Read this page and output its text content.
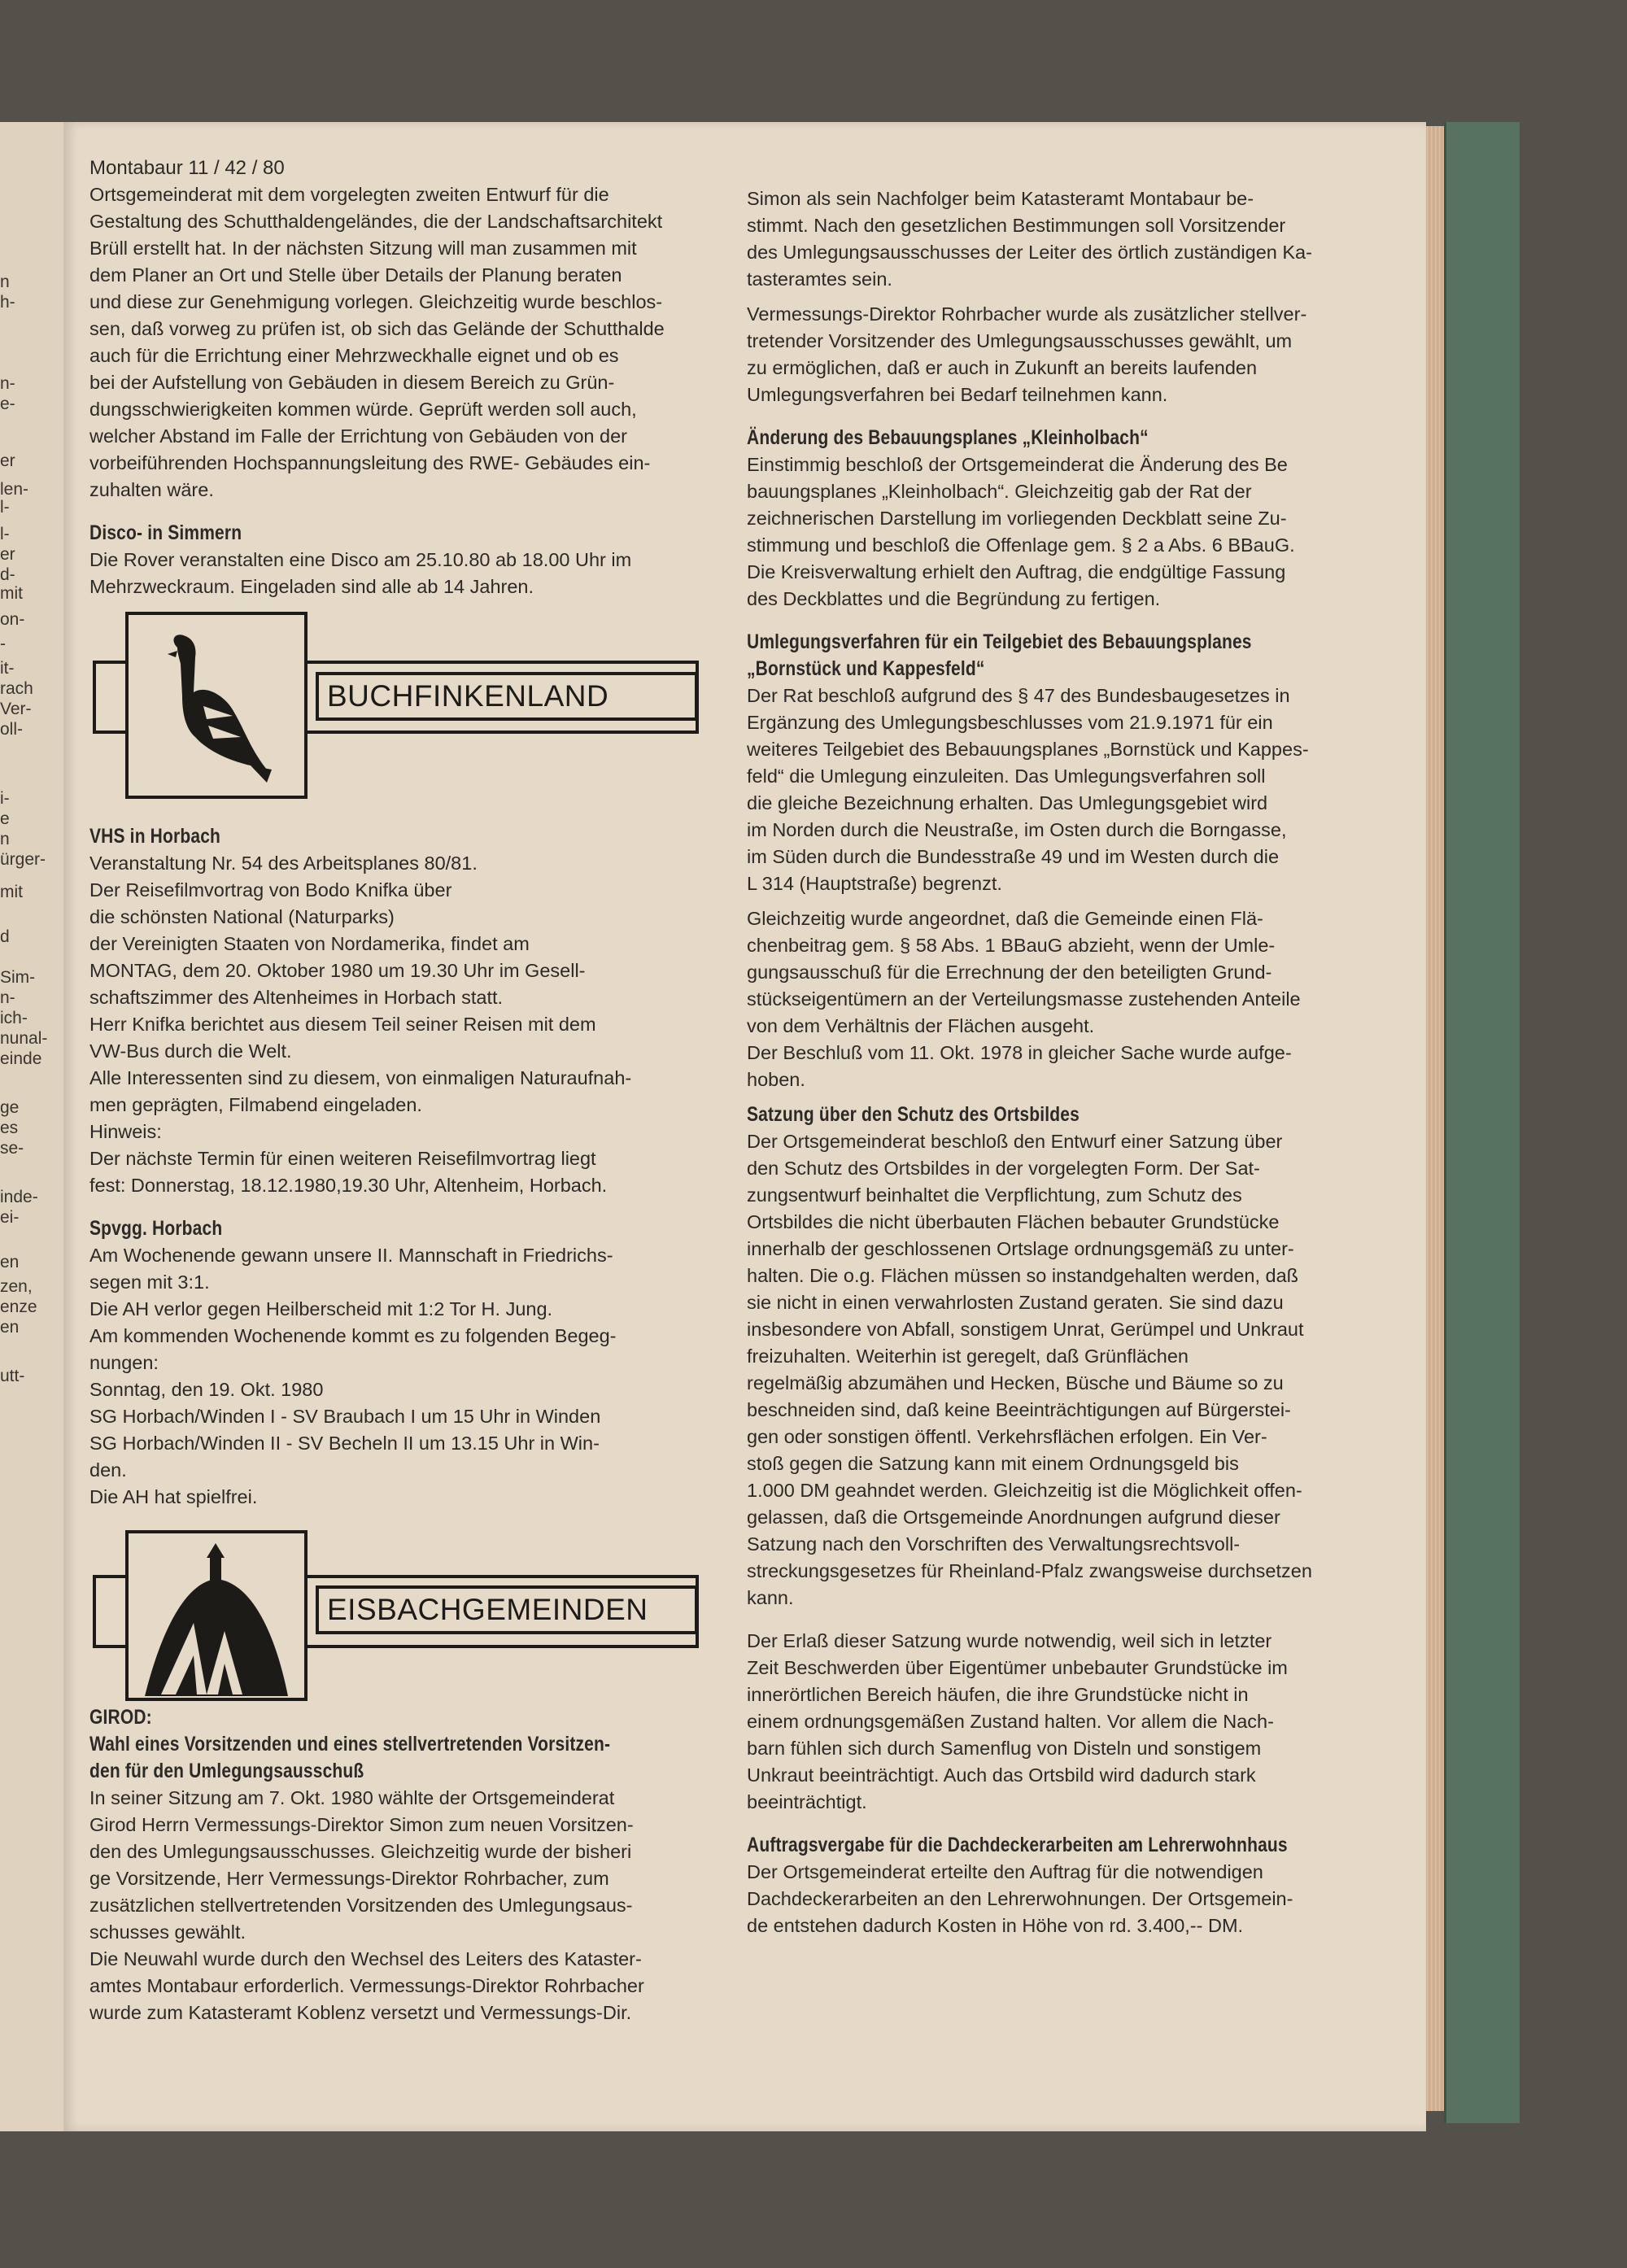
n
h-
n-
e-
er
len-
l-
l-
er
d-
mit
on-
-
it-
rach
Ver-
oll-
i-
e
n
ürger-
mit
d
Sim-
n-
ich-
nunal-
einde
ge
es
se-
inde-
ei-
en
zen,
enze
en
utt-

Montabaur 11 / 42 / 80

Ortsgemeinderat mit dem vorgelegten zweiten Entwurf für die

Gestaltung des Schutthaldengeländes, die der Landschaftsarchitekt

Brüll erstellt hat. In der nächsten Sitzung will man zusammen mit

dem Planer an Ort und Stelle über Details der Planung beraten

und diese zur Genehmigung vorlegen. Gleichzeitig wurde beschlos-

sen, daß vorweg zu prüfen ist, ob sich das Gelände der Schutthalde

auch für die Errichtung einer Mehrzweckhalle eignet und ob es

bei der Aufstellung von Gebäuden in diesem Bereich zu Grün-

dungsschwierigkeiten kommen würde. Geprüft werden soll auch,

welcher Abstand im Falle der Errichtung von Gebäuden von der

vorbeiführenden Hochspannungsleitung des RWE- Gebäudes ein-

zuhalten wäre.

Disco- in Simmern

Die Rover veranstalten eine Disco am 25.10.80 ab 18.00 Uhr im

Mehrzweckraum. Eingeladen sind alle ab 14 Jahren.

BUCHFINKENLAND

VHS in Horbach

Veranstaltung Nr. 54 des Arbeitsplanes 80/81.

Der Reisefilmvortrag von Bodo Knifka über

die schönsten National (Naturparks)

der Vereinigten Staaten von Nordamerika, findet am

MONTAG, dem 20. Oktober 1980 um 19.30 Uhr im Gesell-

schaftszimmer des Altenheimes in Horbach statt.

Herr Knifka berichtet aus diesem Teil seiner Reisen mit dem

VW-Bus durch die Welt.

Alle Interessenten sind zu diesem, von einmaligen Naturaufnah-

men geprägten, Filmabend eingeladen.

Hinweis:

Der nächste Termin für einen weiteren Reisefilmvortrag liegt

fest: Donnerstag, 18.12.1980,19.30 Uhr, Altenheim, Horbach.

Spvgg. Horbach

Am Wochenende gewann unsere II. Mannschaft in Friedrichs-

segen mit 3:1.

Die AH verlor gegen Heilberscheid mit 1:2 Tor H. Jung.

Am kommenden Wochenende kommt es zu folgenden Begeg-

nungen:

Sonntag, den 19. Okt. 1980

SG Horbach/Winden I - SV Braubach I um 15 Uhr in Winden

SG Horbach/Winden II - SV Becheln II um 13.15 Uhr in Win-

den.

Die AH hat spielfrei.

EISBACHGEMEINDEN

GIROD:

Wahl eines Vorsitzenden und eines stellvertretenden Vorsitzen-

den für den Umlegungsausschuß

In seiner Sitzung am 7. Okt. 1980 wählte der Ortsgemeinderat

Girod Herrn Vermessungs-Direktor Simon zum neuen Vorsitzen-

den des Umlegungsausschusses. Gleichzeitig wurde der bisheri

ge Vorsitzende, Herr Vermessungs-Direktor Rohrbacher, zum

zusätzlichen stellvertretenden Vorsitzenden des Umlegungsaus-

schusses gewählt.

Die Neuwahl wurde durch den Wechsel des Leiters des Kataster-

amtes Montabaur erforderlich. Vermessungs-Direktor Rohrbacher

wurde zum Katasteramt Koblenz versetzt und Vermessungs-Dir.

Simon als sein Nachfolger beim Katasteramt Montabaur be-

stimmt. Nach den gesetzlichen Bestimmungen soll Vorsitzender

des Umlegungsausschusses der Leiter des örtlich zuständigen Ka-

tasteramtes sein.

Vermessungs-Direktor Rohrbacher wurde als zusätzlicher stellver-

tretender Vorsitzender des Umlegungsausschusses gewählt, um

zu ermöglichen, daß er auch in Zukunft an bereits laufenden

Umlegungsverfahren bei Bedarf teilnehmen kann.

Änderung des Bebauungsplanes „Kleinholbach“

Einstimmig beschloß der Ortsgemeinderat die Änderung des Be

bauungsplanes „Kleinholbach“. Gleichzeitig gab der Rat der

zeichnerischen Darstellung im vorliegenden Deckblatt seine Zu-

stimmung und beschloß die Offenlage gem. § 2 a Abs. 6 BBauG.

Die Kreisverwaltung erhielt den Auftrag, die endgültige Fassung

des Deckblattes und die Begründung zu fertigen.

Umlegungsverfahren für ein Teilgebiet des Bebauungsplanes

„Bornstück und Kappesfeld“

Der Rat beschloß aufgrund des § 47 des Bundesbaugesetzes in

Ergänzung des Umlegungsbeschlusses vom 21.9.1971 für ein

weiteres Teilgebiet des Bebauungsplanes „Bornstück und Kappes-

feld“ die Umlegung einzuleiten. Das Umlegungsverfahren soll

die gleiche Bezeichnung erhalten. Das Umlegungsgebiet wird

im Norden durch die Neustraße, im Osten durch die Borngasse,

im Süden durch die Bundesstraße 49 und im Westen durch die

L 314 (Hauptstraße) begrenzt.

Gleichzeitig wurde angeordnet, daß die Gemeinde einen Flä-

chenbeitrag gem. § 58 Abs. 1 BBauG abzieht, wenn der Umle-

gungsausschuß für die Errechnung der den beteiligten Grund-

stückseigentümern an der Verteilungsmasse zustehenden Anteile

von dem Verhältnis der Flächen ausgeht.

Der Beschluß vom 11. Okt. 1978 in gleicher Sache wurde aufge-

hoben.

Satzung über den Schutz des Ortsbildes

Der Ortsgemeinderat beschloß den Entwurf einer Satzung über

den Schutz des Ortsbildes in der vorgelegten Form. Der Sat-

zungsentwurf beinhaltet die Verpflichtung, zum Schutz des

Ortsbildes die nicht überbauten Flächen bebauter Grundstücke

innerhalb der geschlossenen Ortslage ordnungsgemäß zu unter-

halten. Die o.g. Flächen müssen so instandgehalten werden, daß

sie nicht in einen verwahrlosten Zustand geraten. Sie sind dazu

insbesondere von Abfall, sonstigem Unrat, Gerümpel und Unkraut

freizuhalten. Weiterhin ist geregelt, daß Grünflächen

regelmäßig abzumähen und Hecken, Büsche und Bäume so zu

beschneiden sind, daß keine Beeinträchtigungen auf Bürgerstei-

gen oder sonstigen öffentl. Verkehrsflächen erfolgen. Ein Ver-

stoß gegen die Satzung kann mit einem Ordnungsgeld bis

1.000 DM geahndet werden. Gleichzeitig ist die Möglichkeit offen-

gelassen, daß die Ortsgemeinde Anordnungen aufgrund dieser

Satzung nach den Vorschriften des Verwaltungsrechtsvoll-

streckungsgesetzes für Rheinland-Pfalz zwangsweise durchsetzen

kann.

Der Erlaß dieser Satzung wurde notwendig, weil sich in letzter

Zeit Beschwerden über Eigentümer unbebauter Grundstücke im

innerörtlichen Bereich häufen, die ihre Grundstücke nicht in

einem ordnungsgemäßen Zustand halten. Vor allem die Nach-

barn fühlen sich durch Samenflug von Disteln und sonstigem

Unkraut beeinträchtigt. Auch das Ortsbild wird dadurch stark

beeinträchtigt.

Auftragsvergabe für die Dachdeckerarbeiten am Lehrerwohnhaus

Der Ortsgemeinderat erteilte den Auftrag für die notwendigen

Dachdeckerarbeiten an den Lehrerwohnungen. Der Ortsgemein-

de entstehen dadurch Kosten in Höhe von rd. 3.400,-- DM.
